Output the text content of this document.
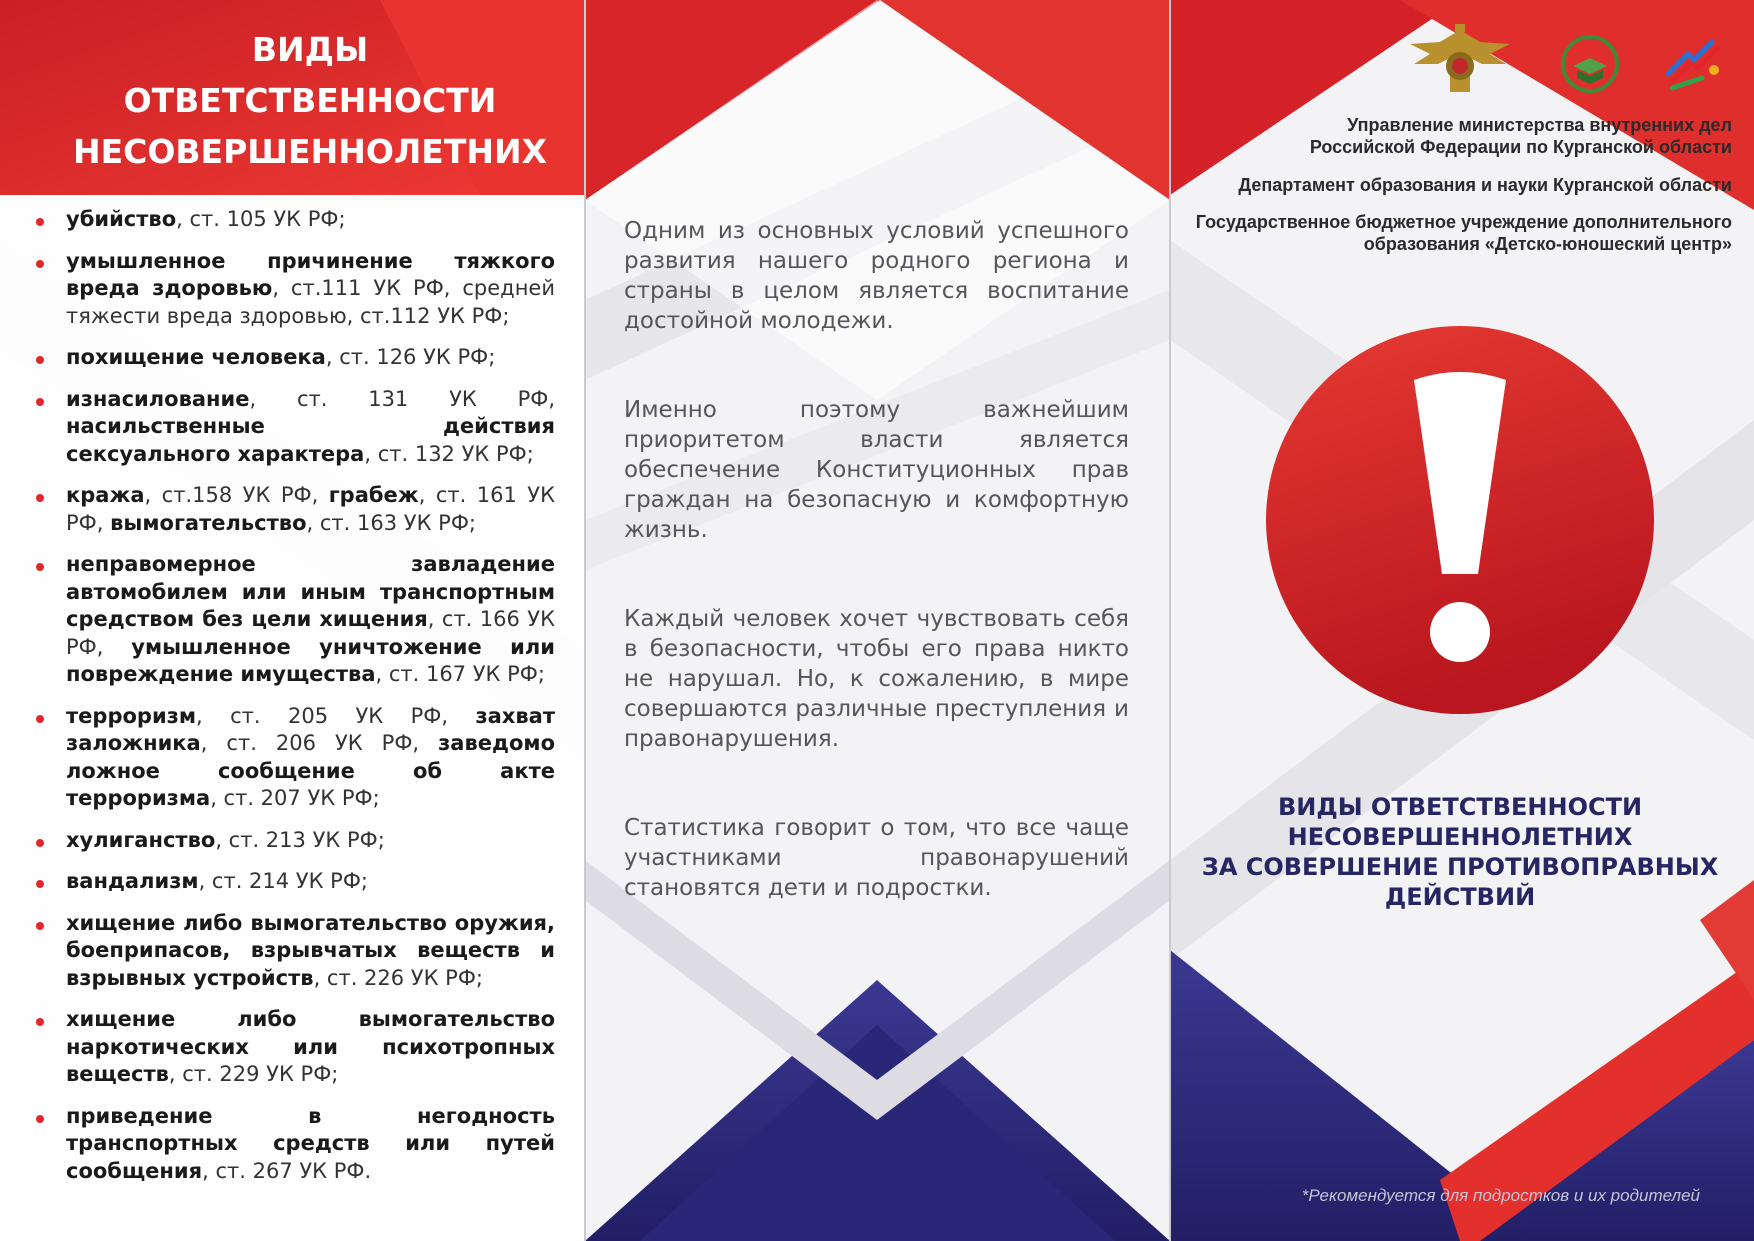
ВИДЫ
ОТВЕТСТВЕННОСТИ
НЕСОВЕРШЕННОЛЕТНИХ
убийство, ст. 105 УК РФ;
умышленное причинение тяжкого вреда здоровью, ст.111 УК РФ, средней тяжести вреда здоровью, ст.112 УК РФ;
похищение человека, ст. 126 УК РФ;
изнасилование, ст. 131 УК РФ, насильственные действия сексуального характера, ст. 132 УК РФ;
кража, ст.158 УК РФ, грабеж, ст. 161 УК РФ, вымогательство, ст. 163 УК РФ;
неправомерное завладение автомобилем или иным транспортным средством без цели хищения, ст. 166 УК РФ, умышленное уничтожение или повреждение имущества, ст. 167 УК РФ;
терроризм, ст. 205 УК РФ, захват заложника, ст. 206 УК РФ, заведомо ложное сообщение об акте терроризма, ст. 207 УК РФ;
хулиганство, ст. 213 УК РФ;
вандализм, ст. 214 УК РФ;
хищение либо вымогательство оружия, боеприпасов, взрывчатых веществ и взрывных устройств, ст. 226 УК РФ;
хищение либо вымогательство наркотических или психотропных веществ, ст. 229 УК РФ;
приведение в негодность транспортных средств или путей сообщения, ст. 267 УК РФ.

Одним из основных условий успешного развития нашего родного региона и страны в целом является воспитание достойной молодежи.

Именно поэтому важнейшим приоритетом власти является обеспечение Конституционных прав граждан на безопасную и комфортную жизнь.

Каждый человек хочет чувствовать себя в безопасности, чтобы его права никто не нарушал. Но, к сожалению, в мире совершаются различные преступления и правонарушения.

Статистика говорит о том, что все чаще участниками правонарушений становятся дети и подростки.

Управление министерства внутренних дел
Российской Федерации по Курганской области

Департамент образования и науки Курганской области

Государственное бюджетное учреждение дополнительного
образования «Детско-юношеский центр»

ВИДЫ ОТВЕТСТВЕННОСТИ
НЕСОВЕРШЕННОЛЕТНИХ
ЗА СОВЕРШЕНИЕ ПРОТИВОПРАВНЫХ
ДЕЙСТВИЙ
*Рекомендуется для подростков и их родителей
